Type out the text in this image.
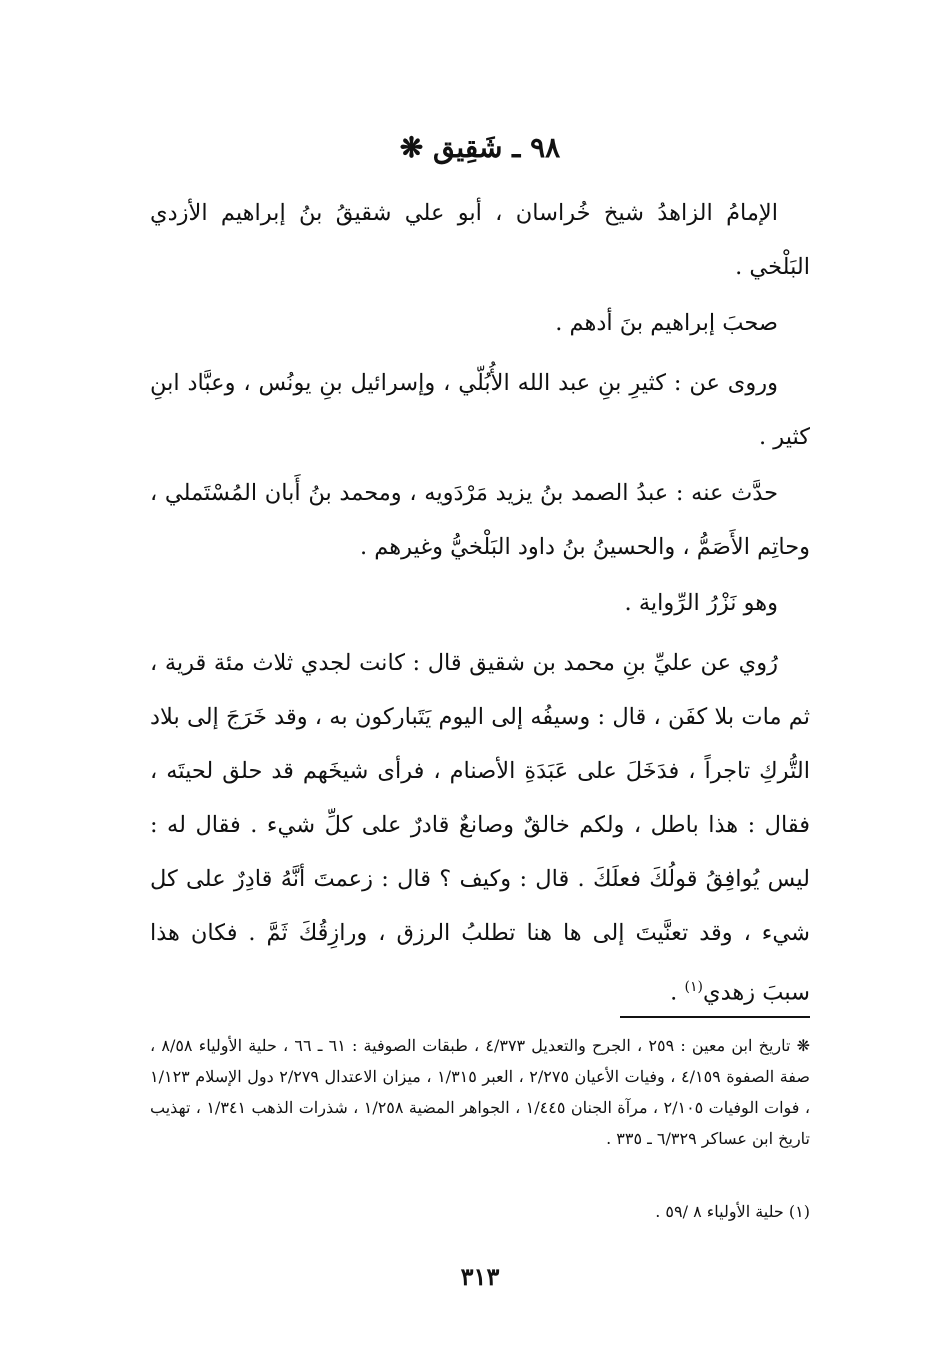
٩٨ ـ شَقِيق ❋

الإمامُ الزاهدُ شيخ خُراسان ، أبو علي شقيقُ بنُ إبراهيم الأزدي البَلْخي .

صحبَ إبراهيم بنَ أدهم .

وروى عن : كثيرِ بنِ عبد الله الأُبُلّي ، وإسرائيل بنِ يونُس ، وعبَّاد ابنِ كثير .

حدَّث عنه : عبدُ الصمد بنُ يزيد مَرْدَويه ، ومحمد بنُ أَبان المُسْتَملي ، وحاتِم الأَصَمُّ ، والحسينُ بنُ داود البَلْخيُّ وغيرهم .

وهو نَزْرُ الرِّواية .

رُوي عن عليِّ بنِ محمد بن شقيق قال : كانت لجدي ثلاث مئة قرية ، ثم مات بلا كفَن ، قال : وسيفُه إلى اليوم يَتَباركون به ، وقد خَرَجَ إلى بلاد التُّركِ تاجراً ، فدَخَلَ على عَبَدَةِ الأصنام ، فرأى شيخَهم قد حلق لحيتَه ، فقال : هذا باطل ، ولكم خالقٌ وصانعٌ قادرٌ على كلِّ شيء . فقال له : ليس يُوافِقُ قولُكَ فعلَكَ . قال : وكيف ؟ قال : زعمتَ أنَّهُ قادِرٌ على كل شيء ، وقد تعنَّيتَ إلى ها هنا تطلبُ الرزق ، ورازِقُكَ ثَمَّ . فكان هذا سببَ زهدي$^{(١)}$ .

❋ تاريخ ابن معين : ٢٥٩ ، الجرح والتعديل ٤/٣٧٣ ، طبقات الصوفية : ٦١ ـ ٦٦ ، حلية الأولياء ٨/٥٨ ، صفة الصفوة ٤/١٥٩ ، وفيات الأعيان ٢/٢٧٥ ، العبر ١/٣١٥ ، ميزان الاعتدال ٢/٢٧٩ دول الإسلام ١/١٢٣ ، فوات الوفيات ٢/١٠٥ ، مرآة الجنان ١/٤٤٥ ، الجواهر المضية ١/٢٥٨ ، شذرات الذهب ١/٣٤١ ، تهذيب تاريخ ابن عساكر ٦/٣٢٩ ـ ٣٣٥ .

(١) حلية الأولياء ٨ /٥٩ .

٣١٣
